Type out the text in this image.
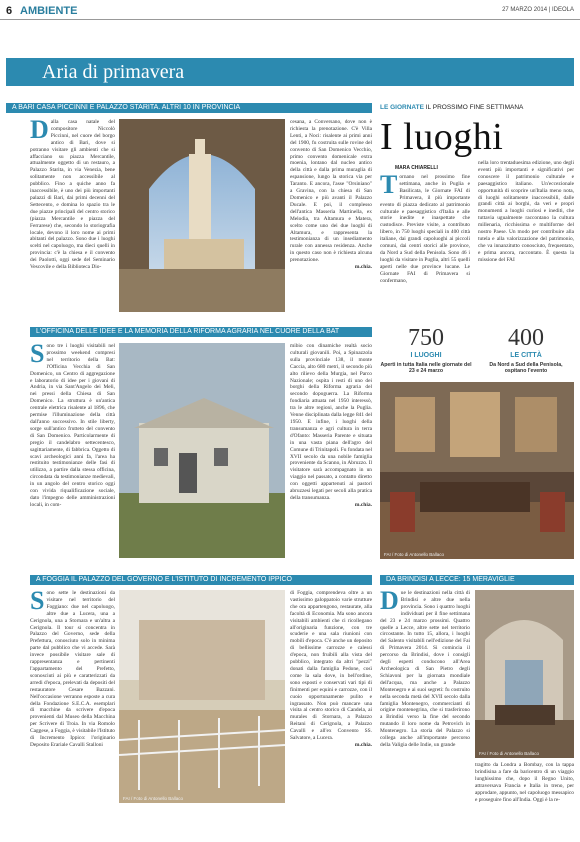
6 AMBIENTE	27 MARZO 2014 | IDEOLA
Aria di primavera
A BARI CASA PICCINNI E PALAZZO STARITA. ALTRI 10 IN PROVINCIA
Dalla casa natale del compositore Niccolò Piccinni, nel cuore del borgo antico di Bari, dove si potranno visitare gli ambienti che si affacciano su piazza Mercantile, attualmente oggetto di un restauro, a Palazzo Starita, in via Venezia, bene solitamente non accessibile al pubblico. Fino a quiche anno fa inaccessibile, è uno dei più importanti palazzi di Bari, dai primi decenni del Settecento, e domina lo spazio tra le due piazze principali del centro storico (piazza Mercantile e piazza del Ferrarese) che, secondo lo storiografia locale, devono il loro nome ai primi abitanti del palazzo. Sono due i luoghi scelti nel capoluogo, ma dieci quelli in provincia: c'è la chiesa e il convento dei Paolotti, oggi sede del Seminario Vescovile e della Biblioteca Dio-
cesana, a Conversano, dove non è richiesta la prenotazione. C'è Villa Lenti, a Noci: risalente ai primi anni del 1900, fu costruita sulle rovine del convento di San Domenico Vecchio, primo convento domenicale extra moenia, lontano dal nucleo antico della città e dalla prima muraglia di espansione, lungo la storica via per Taranto. E ancora, l'asse "Orsiniano" a Gravina, con la chiesa di San Domenico e più avanti il Palazzo Ducale. E poi, il complesso dell'antica Masseria Martinella, ex Melodia, tra Altamura e Matera, scelto come uno dei due luoghi di Altamura, e rappresenta la testimonianza di un insediamento rurale con annessa residenza. Anche in questo caso non è richiesta alcuna prenotazione.
m.chia.
L'OFFICINA DELLE IDEE E LA MEMORIA DELLA RIFORMA AGRARIA NEL CUORE DELLA BAT
Sono tre i luoghi visitabili nel prossimo weekend compresi nel territorio della Bat: l'Officina Vecchia di San Domenico, un Centro di aggregazione e laboratorio di idee per i giovani di Andria, in via Sant'Angelo dei Meli, nei pressi della Chiesa di San Domenico. La struttura è un'antica centrale elettrica risalente al 1896, che permise l'illuminazione della città dall'anno successivo. In stile liberty, sorge sull'antico frutteto del convento di San Domenico. Particolarmente di pregio il candelabro settecentesco, sagittariamente, di fabbrica. Oggetto di scavi archeologici anni fa, l'area ha restituito testimonianze delle fasi di utilizzo, a partire dalla stessa officina, circondata da testimonianze medievali, in un angolo del centro storico oggi con vivida riqualificazione sociale, dato l'impegno delle amministrazioni locali, in com-
mibio con dinamiche realtà socio culturali giovanili. Poi, a Spinazzola sulla provinciale 138, il monte Caccia, alto 680 metri, il secondo più alto rilievo della Murgia, nel Parco Nazionale; ospita i resti di uno dei borghi della Riforma agraria del secondo dopoguerra. La Riforma fondiaria attuata nel 1950 interessò, tra le altre regioni, anche la Puglia. Venne disciplinata dalla legge 841 del 1950. E infine, i luoghi della transumanza e agri cultura in terra d'Ofanto: Masseria Parente e situata in una vasta piana dell'agro del Comune di Trinitapoli. Fu fondata nel XVII secolo da una nobile famiglia proveniente da Scanno, in Abruzzo. Il visitatore sarà accompagnato in un viaggio nel passato, a contatto diretto con oggetti appartenuti ai pastori abruzzesi legati per secoli alla pratica della transumanza.
m.chia.
A FOGGIA IL PALAZZO DEL GOVERNO E L'ISTITUTO DI INCREMENTO IPPICO
Sono sette le destinazioni da visitare nel territorio del Foggiano: due nel capoluogo, altre due a Lucera, una a Cerignola, una a Stornara e un'altra a Cerignola. Il tour si concentra in Palazzo del Governo, sede della Prefettura, conosciuto solo in minima parte dal pubblico che vi accede. Sarà invece possibile visitare sale di rappresentanza e pertinenti l'appartamento del Prefetto, sconosciuti ai più e caratterizzati da arredi d'epoca, prelevati da depositi del restauratore Cesare Bazzani. Nell'occasione verranno esposte a cura della Fondazione S.E.C.A. esemplari di macchine da scrivere d'epoca provenienti dal Museo della Macchina per Scrivere di Troia. In via Romolo Caggese, a Foggia, è visitabile l'Istituto di Incremento Ippico: l'originario Deposito Erariale Cavalli Stalloni
FAI / Foto di Antonello Ballaco
di Foggia, comprendeva oltre a un vastissimo galoppatoio varie strutture che ora appartengono, restaurate, alla facoltà di Economia. Ma sono ancora visitabili ambienti che ci ricollegano all'originaria funzione, con tre scuderie e una sala riunioni con mobili d'epoca. C'è anche un deposito di bellissime carrozze e calessi d'epoca, non fruibili alla vista del pubblico, integrato da altri "pezzi" donati dalla famiglia Pedone, così come la sala dove, in bell'ordine, sono esposti e conservati vari tipi di finimenti per equini e carrozze, con il cuoio opportunamente pulito e ingrassato. Non può mancare una visita al centro storico di Candela, ai murales di Stornara, a Palazzo Reitani di Cerignola, a Palazzo Cavalli e all'ex Convento SS. Salvatore, a Lucera.
m.chia.
LE GIORNATE IL PROSSIMO FINE SETTIMANA
I luoghi
MARA CHIARELLI
Tornano nel prossimo fine settimana, anche in Puglia e Basilicata, le Giornate FAI di Primavera, il più importante evento di piazza dedicato al patrimonio culturale e paesaggistico d'Italia e alle storie inedite e inaspettate che custodisce. Previste visite, a contributo libero, in 750 luoghi speciali in 400 città italiane, dai grandi capoluoghi ai piccoli comuni, dai centri storici alle province, da Nord a Sud della Penisola. Sono 46 i luoghi da visitare in Puglia, altri 55 quelli aperti nelle due province lucane. Le Giornate FAI di Primavera si confermano,
nella loro trentaduesima edizione, uno degli eventi più importanti e significativi per conoscere il patrimonio culturale e paesaggistico italiano. Un'eccezionale opportunità di scoprire un'Italia meno nota, di luoghi solitamente inaccessibili, dalle grandi città ai borghi, da veri e propri monumenti a luoghi curiosi e inediti, che tuttavia ugualmente raccontano la cultura millenaria, ricchissima e multiforme del nostro Paese. Un modo per contribuire alla tutela e alla valorizzazione del patrimonio, che va innanzitutto conosciuto, frequentato, e prima ancora, raccontato. È questa la missione del FAI
750
I LUOGHI
Aperti in tutta Italia nelle giornate del 23 e 24 marzo
400
LE CITTÀ
Da Nord a Sud della Penisola, ospitano l'evento
FAI / Foto di Antonello Ballaco
DA BRINDISI A LECCE: 15 MERAVIGLIE
Due le destinazioni nella città di Brindisi e altre due nella provincia. Sono i quattro luoghi individuati per il fine settimana del 23 e 24 marzo prossimi. Quattro quelle a Lecce, altre sette nel territorio circostante. In tutto 15, allora, i luoghi del Salento visitabili nell'edizione del Fai di Primavera 2014. Si comincia il percorso da Brindisi, dove i consigli degli esperti conducono all'Area Archeologica di San Pietro degli Schiavoni per la giornata mondiale dell'acqua, ma anche a Palazzo Montenegro e ai suoi segreti: fu costruito nella seconda metà del XVII secolo dalla famiglia Montenegro, commercianti di origine montenegrina, che si trasferirono a Brindisi verso la fine del secondo mutando il loro nome da Petrovich in Montenegro. La storia del Palazzo si collega anche all'importante percorso della Valigia delle Indie, un grande
FAI / Foto di Antonello Ballaco
tragitto da Londra a Bombay, con la tappa brindisina a fare da baricentro di un viaggio lunghissimo che, dopo il Regno Unito, attraversava Francia e Italia in treno, per approdare, appunto, nel capoluogo messapico e proseguire fino all'India. Oggi è la re-
